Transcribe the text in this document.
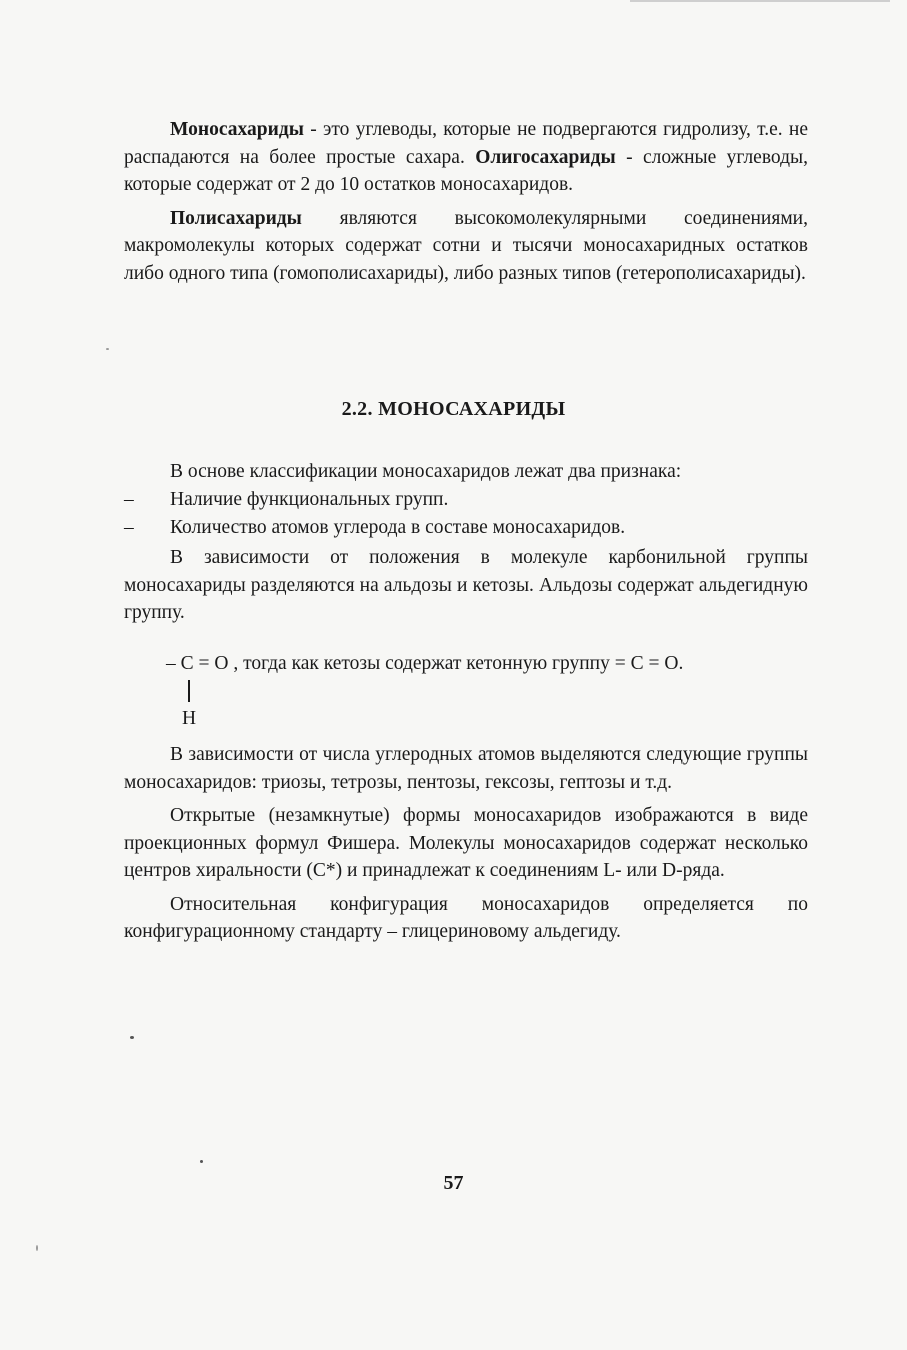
Моносахариды - это углеводы, которые не подвергаются гидролизу, т.е. не распадаются на более простые сахара. Олигосахариды - сложные углеводы, которые содержат от 2 до 10 остатков моносахаридов.

Полисахариды являются высокомолекулярными соединениями, макромолекулы которых содержат сотни и тысячи моносахаридных остатков либо одного типа (гомополисахариды), либо разных типов (гетерополисахариды).

2.2. МОНОСАХАРИДЫ

В основе классификации моносахаридов лежат два признака:

– Наличие функциональных групп.
– Количество атомов углерода в составе моносахаридов.

В зависимости от положения в молекуле карбонильной группы моносахариды разделяются на альдозы и кетозы. Альдозы содержат альдегидную группу.

– C = O , тогда как кетозы содержат кетонную группу = C = O.
H

В зависимости от числа углеродных атомов выделяются следующие группы моносахаридов: триозы, тетрозы, пентозы, гексозы, гептозы и т.д.

Открытые (незамкнутые) формы моносахаридов изображаются в виде проекционных формул Фишера. Молекулы моносахаридов содержат несколько центров хиральности (С*) и принадлежат к соединениям L- или D-ряда.

Относительная конфигурация моносахаридов определяется по конфигурационному стандарту – глицериновому альдегиду.

57
